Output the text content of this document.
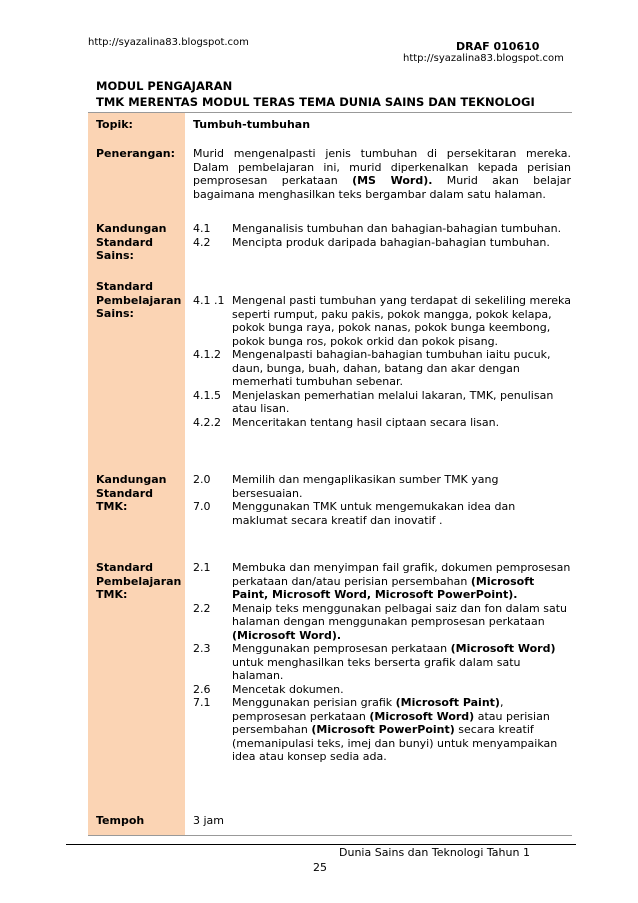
http://syazalina83.blogspot.com	DRAF 010610
http://syazalina83.blogspot.com
MODUL PENGAJARAN
TMK MERENTAS MODUL TERAS TEMA DUNIA SAINS DAN TEKNOLOGI
Topik:	Tumbuh-tumbuhan
Penerangan: Murid mengenalpasti jenis tumbuhan di persekitaran mereka.
Dalam pembelajaran ini, murid diperkenalkan kepada perisian
pemprosesan perkataan (MS Word). Murid akan belajar
bagaimana menghasilkan teks bergambar dalam satu halaman.
Kandungan
Standard
Sains:
4.1	Menganalisis tumbuhan dan bahagian-bahagian tumbuhan.
4.2	Mencipta produk daripada bahagian-bahagian tumbuhan.
Standard
Pembelajaran
Sains:
4.1 .1 Mengenal pasti tumbuhan yang terdapat di sekeliling mereka seperti rumput, paku pakis, pokok mangga, pokok kelapa, pokok bunga raya, pokok nanas, pokok bunga keembong, pokok bunga ros, pokok orkid dan pokok pisang.
4.1.2	Mengenalpasti bahagian-bahagian tumbuhan iaitu pucuk, daun, bunga, buah, dahan, batang dan akar dengan memerhati tumbuhan sebenar.
4.1.5	Menjelaskan pemerhatian melalui lakaran, TMK, penulisan atau lisan.
4.2.2	Menceritakan tentang hasil ciptaan secara lisan.
Kandungan
Standard
TMK:
2.0	Memilih dan mengaplikasikan sumber TMK yang bersesuaian.
7.0	Menggunakan TMK untuk mengemukakan idea dan maklumat secara kreatif dan inovatif .
Standard
Pembelajaran
TMK:
2.1	Membuka dan menyimpan fail grafik, dokumen pemprosesan perkataan dan/atau perisian persembahan (Microsoft Paint, Microsoft Word, Microsoft PowerPoint).
2.2	Menaip teks menggunakan pelbagai saiz dan fon dalam satu halaman dengan menggunakan pemprosesan perkataan (Microsoft Word).
2.3	Menggunakan pemprosesan perkataan (Microsoft Word) untuk menghasilkan teks berserta grafik dalam satu halaman.
2.6	Mencetak dokumen.
7.1	Menggunakan perisian grafik (Microsoft Paint), pemprosesan perkataan (Microsoft Word) atau perisian persembahan (Microsoft PowerPoint) secara kreatif (memanipulasi teks, imej dan bunyi) untuk menyampaikan idea atau konsep sedia ada.
Tempoh	3 jam
Dunia Sains dan Teknologi Tahun 1
25
